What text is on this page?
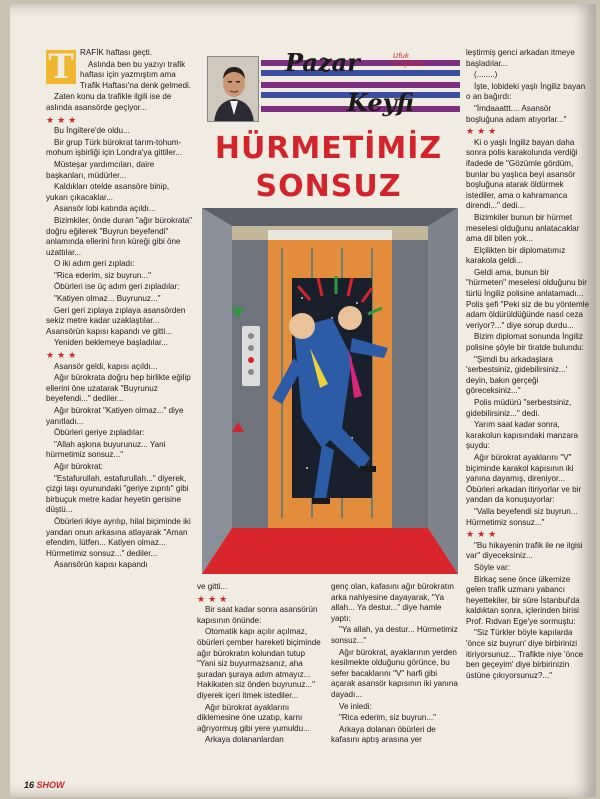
Pazar	Ufuk
COŞKUN
Keyfi
HÜRMETİMİZ
SONSUZ
T RAFİK haftası geçti.

Aslında ben bu yazıyı trafik haftası için yazmıştım ama Trafik Haftası'na denk gelmedi.

Zaten konu da trafikle ilgili ise de aslında asansörde geçiyor...

★★★

Bu İngiltere'de oldu...

Bir grup Türk bürokrat tarım-tohum-mohum işbirliği için Londra'ya gittiler...

Müsteşar yardımcıları, daire başkanları, müdürler...

Kaldıkları otelde asansöre binip, yukarı çıkacaklar...

Asansör lobi katında açıldı...

Bizimkiler, önde duran "ağır bürokrata" doğru eğilerek "Buyrun beyefendi" anlamında ellerini fırın küreği gibi öne uzattılar...

O iki adım geri zıpladı:

"Rica ederim, siz buyrun..."

Öbürleri ise üç adım geri zıpladılar:

"Katiyen olmaz... Buyrunuz..."

Geri geri zıplaya zıplaya asansörden sekiz metre kadar uzaklaştılar... Asansörün kapısı kapandı ve gitti...

Yeniden beklemeye başladılar...

★★★

Asansör geldi, kapısı açıldı...

Ağır bürokrata doğru hep birlikte eğilip ellerini öne uzatarak "Buyrunuz beyefendi..." dediler...

Ağır bürokrat "Katiyen olmaz..." diye yanıtladı...

Öbürleri geriye zıpladılar:

"Allah aşkına buyurunuz... Yani hürmetimiz sonsuz..."

Ağır bürokrat:

"Estafurullah, estafurullah..." diyerek, çizgi taşı oyunundaki "geriye zıprıtı" gibi birbuçuk metre kadar heyetin gerisine düştü...

Öbürleri ikiye ayrılıp, hilal biçiminde iki yandan onun arkasına atlayarak "Aman efendim, lütfen... Katiyen olmaz... Hürmetimiz sonsuz..." dediler...

Asansörün kapısı kapandı

ve gitti...

★★★

Bir saat kadar sonra asansörün kapısının önünde:

Otomatik kapı açılır açılmaz, öbürleri çember hareketi biçiminde ağır bürokratın kolundan tutup "Yani siz buyurmazsanız, aha şuradan şuraya adım atmayız... Hakikaten siz önden buyrunuz..." diyerek içeri itmek istediler...

Ağır bürokrat ayaklarını diklemesine öne uzatıp, karnı ağrıyormuş gibi yere yumuldu...

Arkaya dolananlardan

genç olan, kafasını ağır bürokratın arka nahiyesine dayayarak, "Ya allah... Ya destur..." diye hamle yaptı:

"Ya allah, ya destur... Hürmetimiz sonsuz..."

Ağır bürokrat, ayaklarının yerden kesilmekte olduğunu görünce, bu sefer bacaklarını "V" harfi gibi açarak asansör kapısının iki yanına dayadı...

Ve inledi:

"Rica ederim, siz buyrun..."

Arkaya dolanan öbürleri de kafasını aptış arasına yer

leştirmiş genci arkadan itmeye başladılar...

(........)

İşte, lobideki yaşlı İngiliz bayan o an bağırdı:

"İmdaaattt.... Asansör boşluğuna adam atıyorlar..."

★★★

Ki o yaşlı İngiliz bayan daha sonra polis karakolunda verdiği ifadede de "Gözümle gördüm, bunlar bu yaşlıca beyi asansör boşluğuna atarak öldürmek istediler, ama o kahramanca direndi..." dedi...

Bizimkiler bunun bir hürmet meselesi olduğunu anlatacaklar ama dil bilen yok...

Elçilikten bir diplomatımız karakola geldi...

Geldi ama, bunun bir "hürmeten" meselesi olduğunu bir türlü İngiliz polisine anlatamadı... Polis şefi "Peki siz de bu yöntemle adam öldürüldüğünde nasıl ceza veriyor?..." diye sorup durdu...

Bizim diplomat sonunda İngiliz polisine şöyle bir tiratde bulundu:

"Şimdi bu arkadaşlara 'serbestsiniz, gidebilirsiniz...' deyin, bakın gerçeği göreceksiniz..."

Polis müdürü "serbestsiniz, gidebilirsiniz..." dedi.

Yarım saat kadar sonra, karakolun kapısındaki manzara şuydu:

Ağır bürokrat ayaklarını "V" biçiminde karakol kapısının iki yanına dayamış, direniyor... Öbürleri arkadan itiriyorlar ve bir yandan da konuşuyorlar:

"Valla beyefendi siz buyrun... Hürmetimiz sonsuz..."

★★★

"Bu hikayenin trafik ile ne ilgisi var" diyeceksiniz...

Söyle var:

Birkaç sene önce ülkemize gelen trafik uzmanı yabancı heyettekiler, bir süre İstanbul'da kaldıktan sonra, içlerinden birisi Prof. Rıdvan Ege'ye sormuştu:

"Siz Türkler böyle kapılarda 'önce siz buyrun' diye birbirinizi itiriyorsunuz... Trafikte niye 'önce ben geçeyim' diye birbirinizin üstüne çıkıyorsunuz?..."

16 SHOW
